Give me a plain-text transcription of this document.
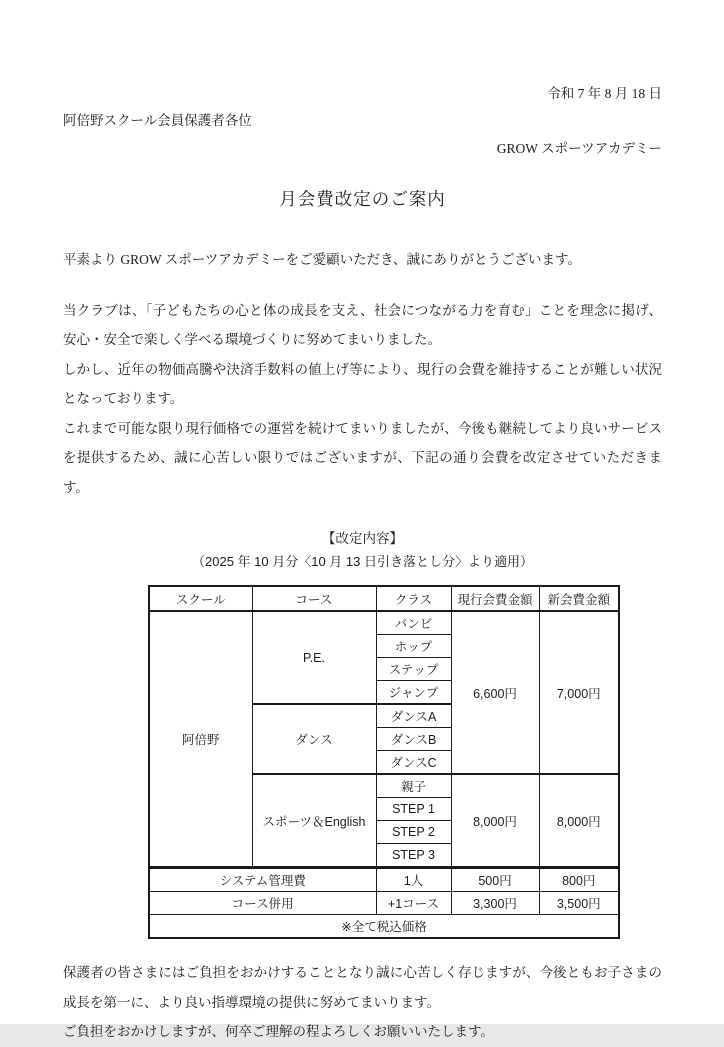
令和 7 年 8 月 18 日
阿倍野スクール会員保護者各位
GROW スポーツアカデミー
月会費改定のご案内
平素より GROW スポーツアカデミーをご愛顧いただき、誠にありがとうございます。
当クラブは、「子どもたちの心と体の成長を支え、社会につながる力を育む」ことを理念に掲げ、安心・安全で楽しく学べる環境づくりに努めてまいりました。
しかし、近年の物価高騰や決済手数料の値上げ等により、現行の会費を維持することが難しい状況となっております。
これまで可能な限り現行価格での運営を続けてまいりましたが、今後も継続してより良いサービスを提供するため、誠に心苦しい限りではございますが、下記の通り会費を改定させていただきます。
【改定内容】
（2025 年 10 月分〈10 月 13 日引き落とし分〉より適用）
スクール	コース	クラス	現行会費金額	新会費金額
阿倍野	P.E.	バンビ	6,600円	7,000円
		ホップ		
		ステップ		
		ジャンプ		
	ダンス	ダンスA		
		ダンスB		
		ダンスC		
	スポーツ＆English	親子	8,000円	8,000円
		STEP 1		
		STEP 2		
		STEP 3		
システム管理費		1人	500円	800円
コース併用		+1コース	3,300円	3,500円
※全て税込価格				
保護者の皆さまにはご負担をおかけすることとなり誠に心苦しく存じますが、今後ともお子さまの成長を第一に、より良い指導環境の提供に努めてまいります。
ご負担をおかけしますが、何卒ご理解の程よろしくお願いいたします。
